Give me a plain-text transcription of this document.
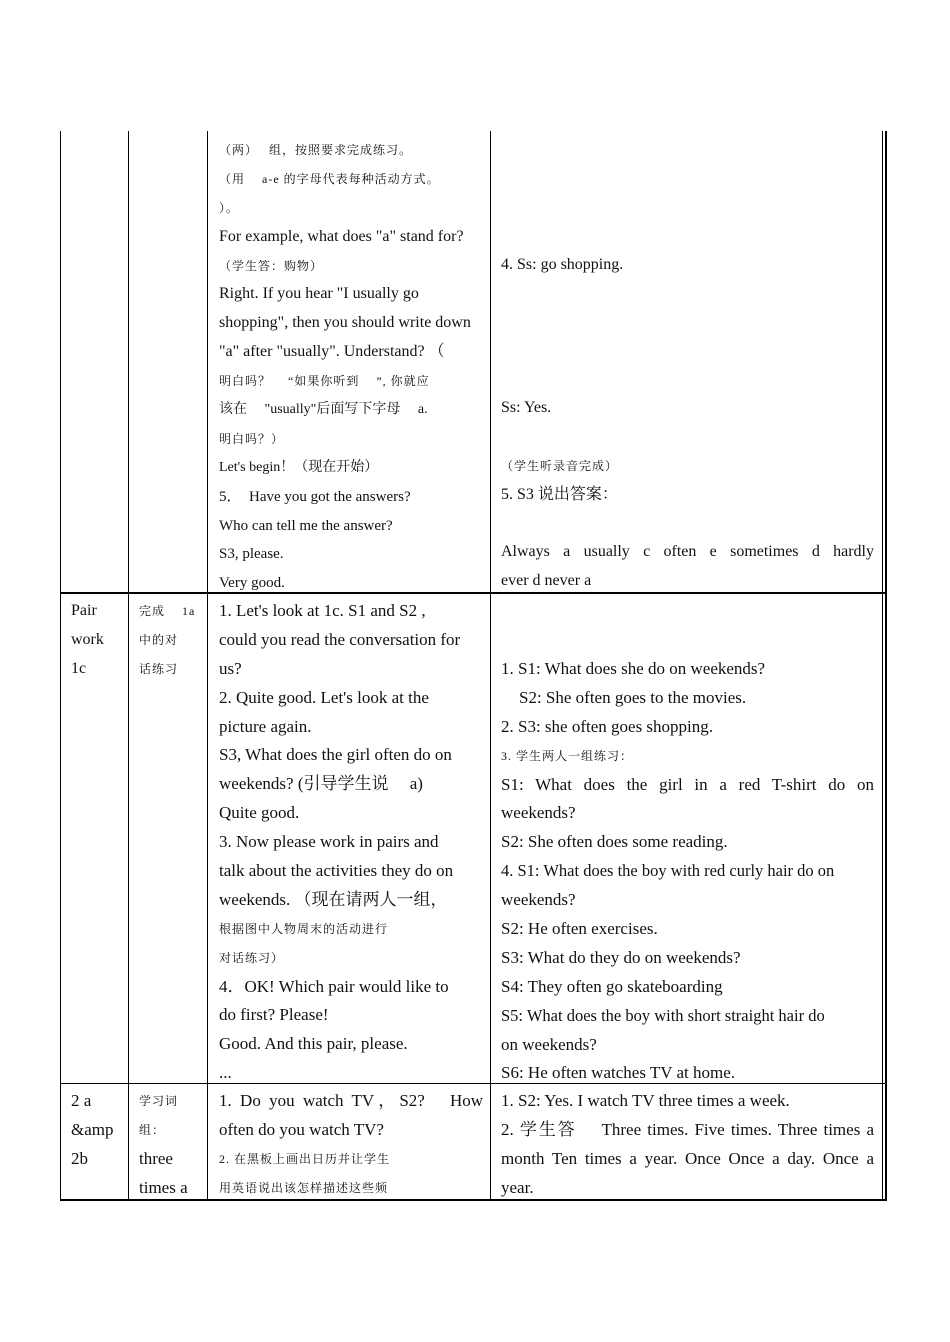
（两）　 组，按照要求完成练习。
（用　 a-e 的字母代表每种活动方式。
）。
For example, what does "a" stand for?
（学生答：购物）
Right. If you hear "I usually go
shopping", then you should write down
"a" after "usually". Understand? （
明白吗？　 “如果你听到　 ”, 你就应
该在　 "usually"后面写下字母　 a.
明白吗？）
Let's begin！（现在开始）
5．　Have you got the answers?
Who can tell me the answer?
S3, please.
Very good.
4. Ss: go shopping.
Ss: Yes.
（学生听录音完成）
5. S3 说出答案：
Always a usually c often e sometimes d hardly
ever d never a
Pair
work
1c
完成　 1a
中的对
话练习
1. Let's look at 1c. S1 and S2 ,
could you read the conversation for
us?
2. Quite good. Let's look at the
picture again.
S3, What does the girl often do on
weekends? (引导学生说　 a)
Quite good.
3. Now please work in pairs and
talk about the activities they do on
weekends. （现在请两人一组，
根据图中人物周末的活动进行
对话练习）
4．OK! Which pair would like to
do first? Please!
Good. And this pair, please.
...
1. S1: What does she do on weekends?
S2: She often goes to the movies.
2. S3: she often goes shopping.
3. 学生两人一组练习：
S1: What does the girl in a red T-shirt do on
weekends?
S2: She often does some reading.
4. S1: What does the boy with red curly hair do on
weekends?
S2: He often exercises.
S3: What do they do on weekends?
S4: They often go skateboarding
S5: What does the boy with short straight hair do
on weekends?
S6: He often watches TV at home.
2 a
&amp
2b
学习词
组：
three
times a
1. Do you watch TV，S2?　How
often do you watch TV?
2. 在黑板上画出日历并让学生
用英语说出该怎样描述这些频
1. S2: Yes. I watch TV three times a week.
2. 学生答　 Three times. Five times. Three times a
month Ten times a year. Once Once a day. Once a
year.
